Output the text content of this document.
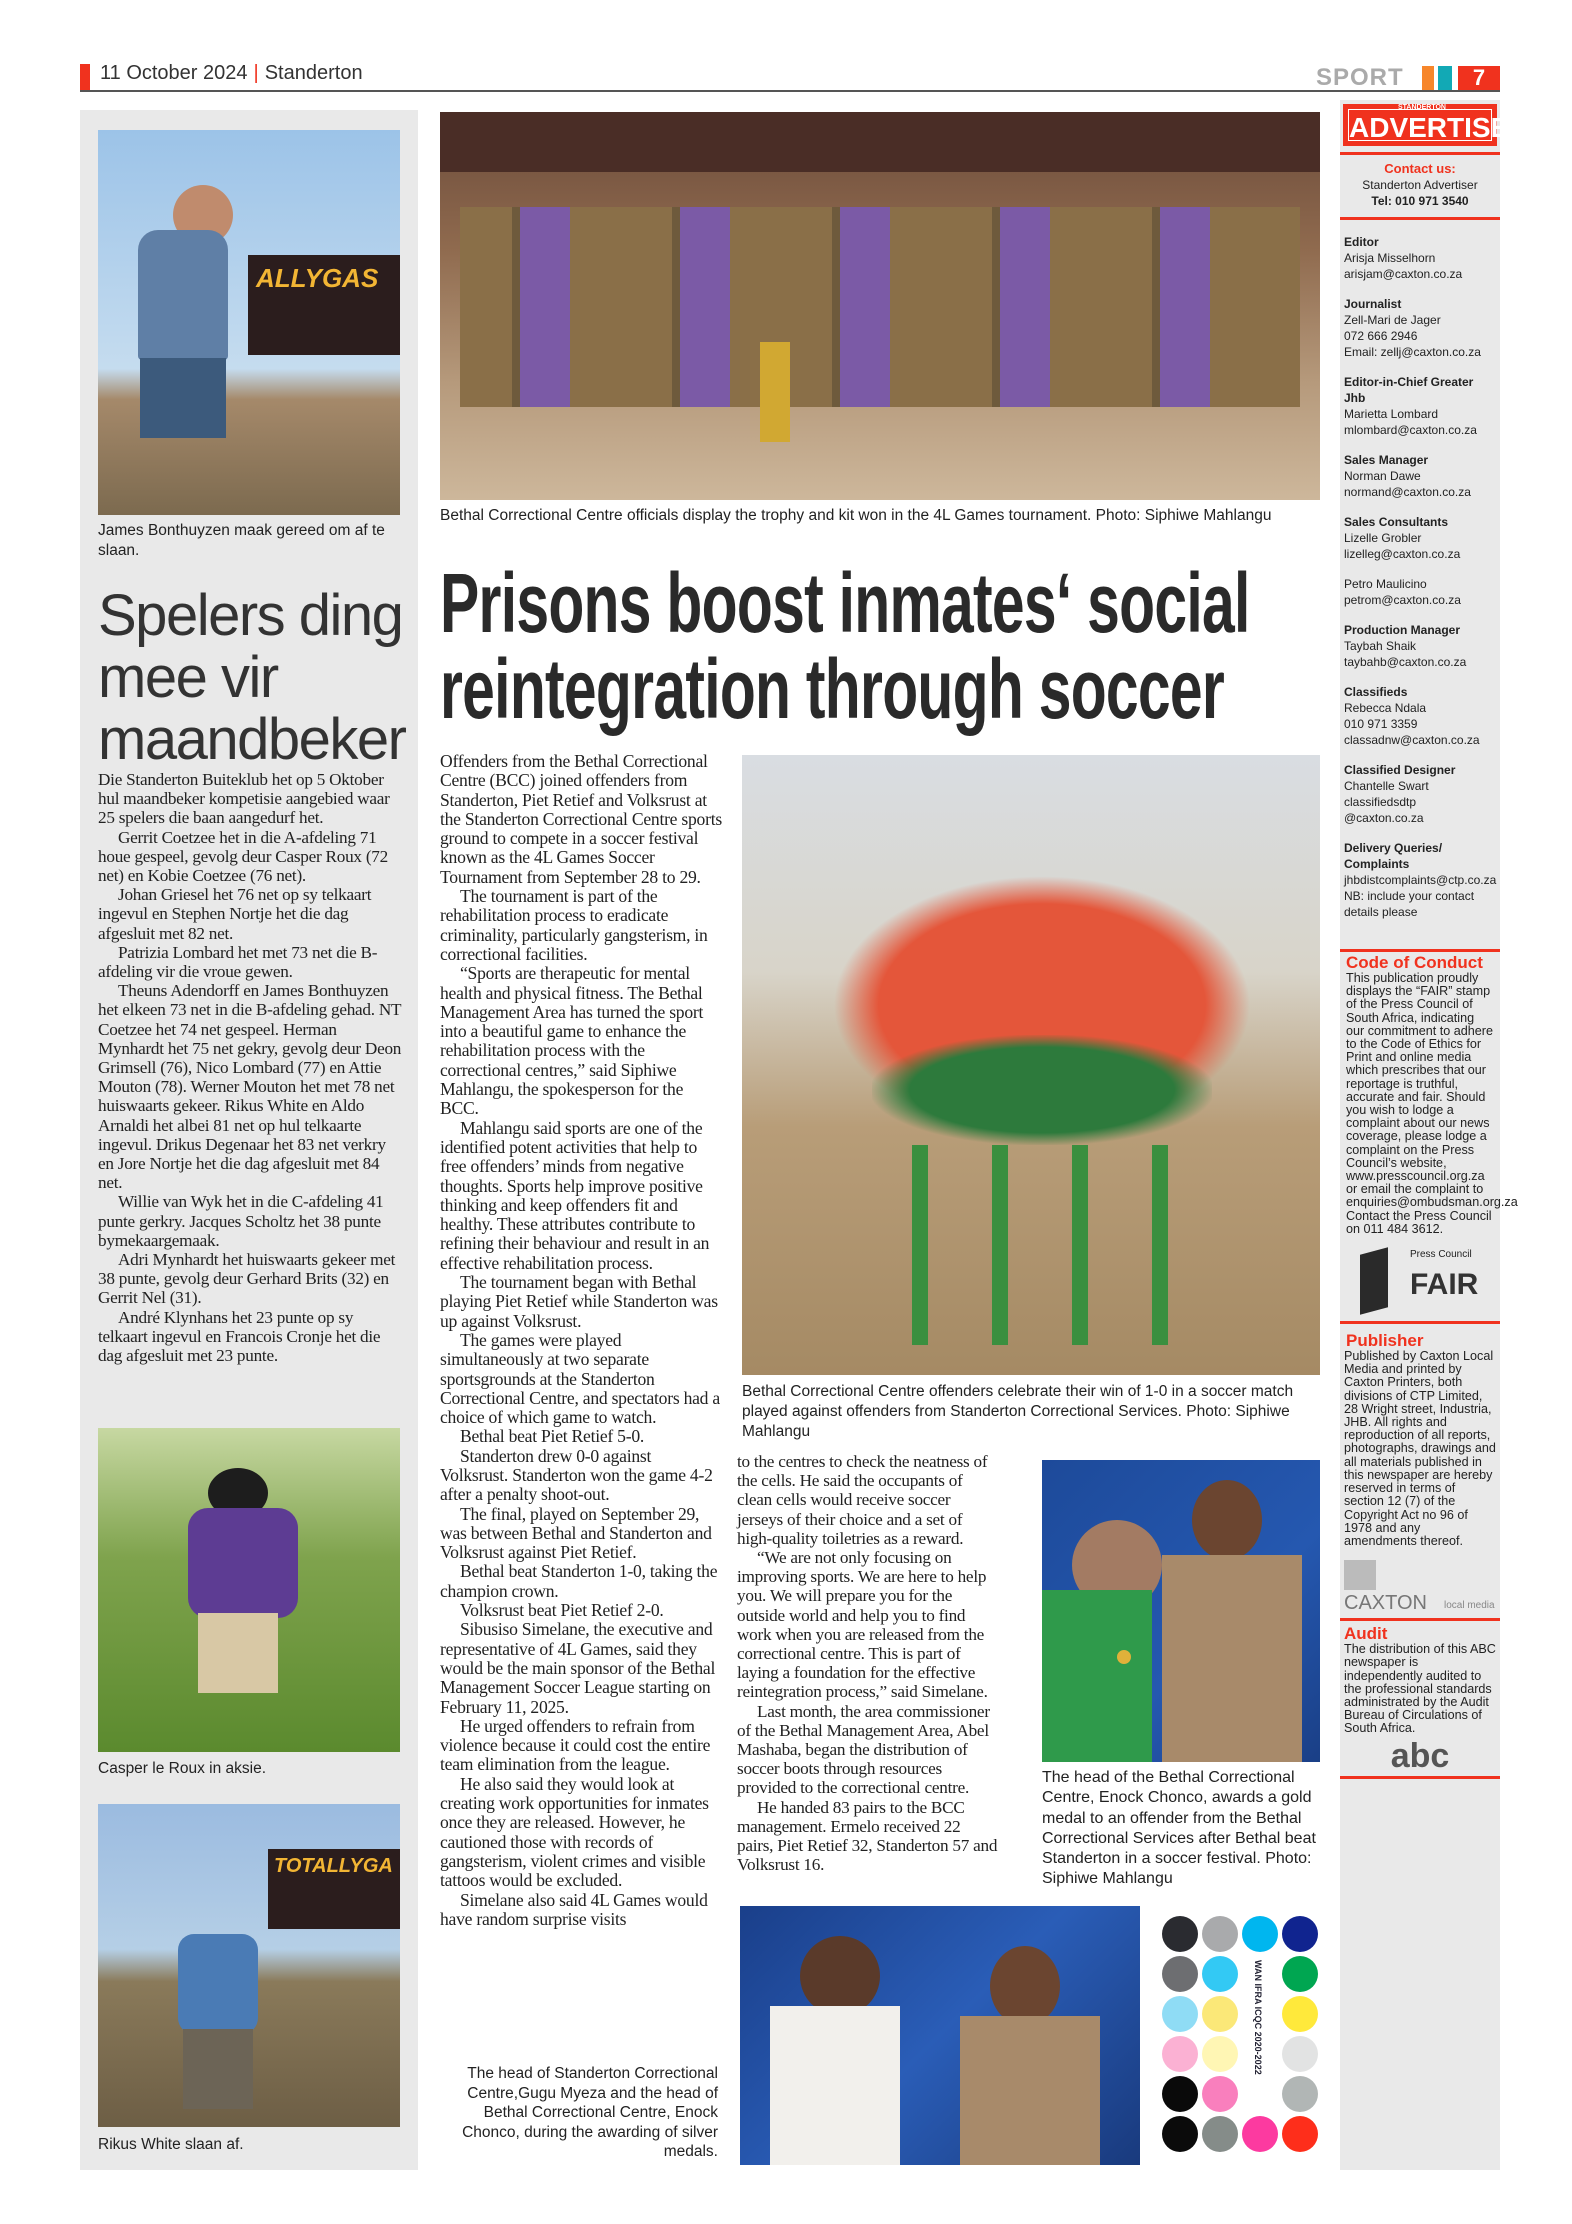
11 October 2024 | Standerton	SPORT	7
ALLYGAS
James Bonthuyzen maak gereed om af te slaan.
Spelers ding mee vir maandbeker

Die Standerton Buiteklub het op 5 Oktober hul maandbeker kompetisie aangebied waar 25 spelers die baan aangedurf het.

Gerrit Coetzee het in die A-afdeling 71 houe gespeel, gevolg deur Casper Roux (72 net) en Kobie Coetzee (76 net).

Johan Griesel het 76 net op sy telkaart ingevul en Stephen Nortje het die dag afgesluit met 82 net.

Patrizia Lombard het met 73 net die B-afdeling vir die vroue gewen.

Theuns Adendorff en James Bonthuyzen het elkeen 73 net in die B-afdeling gehad. NT Coetzee het 74 net gespeel. Herman Mynhardt het 75 net gekry, gevolg deur Deon Grimsell (76), Nico Lombard (77) en Attie Mouton (78). Werner Mouton het met 78 net huiswaarts gekeer. Rikus White en Aldo Arnaldi het albei 81 net op hul telkaarte ingevul. Drikus Degenaar het 83 net verkry en Jore Nortje het die dag afgesluit met 84 net.

Willie van Wyk het in die C-afdeling 41 punte gerkry. Jacques Scholtz het 38 punte bymekaargemaak.

Adri Mynhardt het huiswaarts gekeer met 38 punte, gevolg deur Gerhard Brits (32) en Gerrit Nel (31).

André Klynhans het 23 punte op sy telkaart ingevul en Francois Cronje het die dag afgesluit met 23 punte.

Casper le Roux in aksie.
TOTALLYGA
Rikus White slaan af.
Bethal Correctional Centre officials display the trophy and kit won in the 4L Games tournament. Photo: Siphiwe Mahlangu
Prisons boost inmates‘ social
reintegration through soccer

Offenders from the Bethal Correctional Centre (BCC) joined offenders from Standerton, Piet Retief and Volksrust at the Standerton Correctional Centre sports ground to compete in a soccer festival known as the 4L Games Soccer Tournament from September 28 to 29.

The tournament is part of the rehabilitation process to eradicate criminality, particularly gangsterism, in correctional facilities.

“Sports are therapeutic for mental health and physical fitness. The Bethal Management Area has turned the sport into a beautiful game to enhance the rehabilitation process with the correctional centres,” said Siphiwe Mahlangu, the spokesperson for the BCC.

Mahlangu said sports are one of the identified potent activities that help to free offenders’ minds from negative thoughts. Sports help improve positive thinking and keep offenders fit and healthy. These attributes contribute to refining their behaviour and result in an effective rehabilitation process.

The tournament began with Bethal playing Piet Retief while Standerton was up against Volksrust.

The games were played simultaneously at two separate sportsgrounds at the Standerton Correctional Centre, and spectators had a choice of which game to watch.

Bethal beat Piet Retief 5-0.

Standerton drew 0-0 against Volksrust. Standerton won the game 4-2 after a penalty shoot-out.

The final, played on September 29, was between Bethal and Standerton and Volksrust against Piet Retief.

Bethal beat Standerton 1-0, taking the champion crown.

Volksrust beat Piet Retief 2-0.

Sibusiso Simelane, the executive and representative of 4L Games, said they would be the main sponsor of the Bethal Management Soccer League starting on February 11, 2025.

He urged offenders to refrain from violence because it could cost the entire team elimination from the league.

He also said they would look at creating work opportunities for inmates once they are released. However, he cautioned those with records of gangsterism, violent crimes and visible tattoos would be excluded.

Simelane also said 4L Games would have random surprise visits

The head of Standerton Correctional Centre,Gugu Myeza and the head of Bethal Correctional Centre, Enock Chonco, during the awarding of silver medals.
Bethal Correctional Centre offenders celebrate their win of 1-0 in a soccer match played against offenders from Standerton Correctional Services. Photo: Siphiwe Mahlangu

to the centres to check the neatness of the cells. He said the occupants of clean cells would receive soccer jerseys of their choice and a set of high-quality toiletries as a reward.

“We are not only focusing on improving sports. We are here to help you. We will prepare you for the outside world and help you to find work when you are released from the correctional centre. This is part of laying a foundation for the effective reintegration process,” said Simelane.

Last month, the area commissioner of the Bethal Management Area, Abel Mashaba, began the distribution of soccer boots through resources provided to the correctional centre.

He handed 83 pairs to the BCC management. Ermelo received 22 pairs, Piet Retief 32, Standerton 57 and Volksrust 16.

The head of the Bethal Correctional Centre, Enock Chonco, awards a gold medal to an offender from the Bethal Correctional Services after Bethal beat Standerton in a soccer festival. Photo: Siphiwe Mahlangu
WAN IFRA ICQC 2020-2022
STANDERTON
ADVERTISER
Contact us:
Standerton Advertiser
Tel: 010 971 3540
Editor
Arisja Misselhorn
arisjam@caxton.co.za
Journalist
Zell-Mari de Jager
072 666 2946
Email: zellj@caxton.co.za
Editor-in-Chief Greater Jhb
Marietta Lombard
mlombard@caxton.co.za
Sales Manager
Norman Dawe
normand@caxton.co.za
Sales Consultants
Lizelle Grobler
lizelleg@caxton.co.za
Petro Maulicino
petrom@caxton.co.za
Production Manager
Taybah Shaik
taybahb@caxton.co.za
Classifieds
Rebecca Ndala
010 971 3359
classadnw@caxton.co.za
Classified Designer
Chantelle Swart
classifiedsdtp
@caxton.co.za
Delivery Queries/ Complaints
jhbdistcomplaints@ctp.co.za
NB: include your contact details please
Code of Conduct
This publication proudly displays the “FAIR” stamp of the Press Council of South Africa, indicating our commitment to adhere to the Code of Ethics for Print and online media which prescribes that our reportage is truthful, accurate and fair. Should you wish to lodge a complaint about our news coverage, please lodge a complaint on the Press Council’s website, www.presscouncil.org.za or email the complaint to enquiries@ombudsman.org.za Contact the Press Council on 011 484 3612.
Press Council
FAIR
Publisher
Published by Caxton Local Media and printed by Caxton Printers, both divisions of CTP Limited, 28 Wright street, Industria, JHB. All rights and reproduction of all reports, photographs, drawings and all materials published in this newspaper are hereby reserved in terms of section 12 (7) of the Copyright Act no 96 of 1978 and any amendments thereof.
CAXTON local media
Audit
The distribution of this ABC newspaper is independently audited to the professional standards administrated by the Audit Bureau of Circulations of South Africa.
abc
